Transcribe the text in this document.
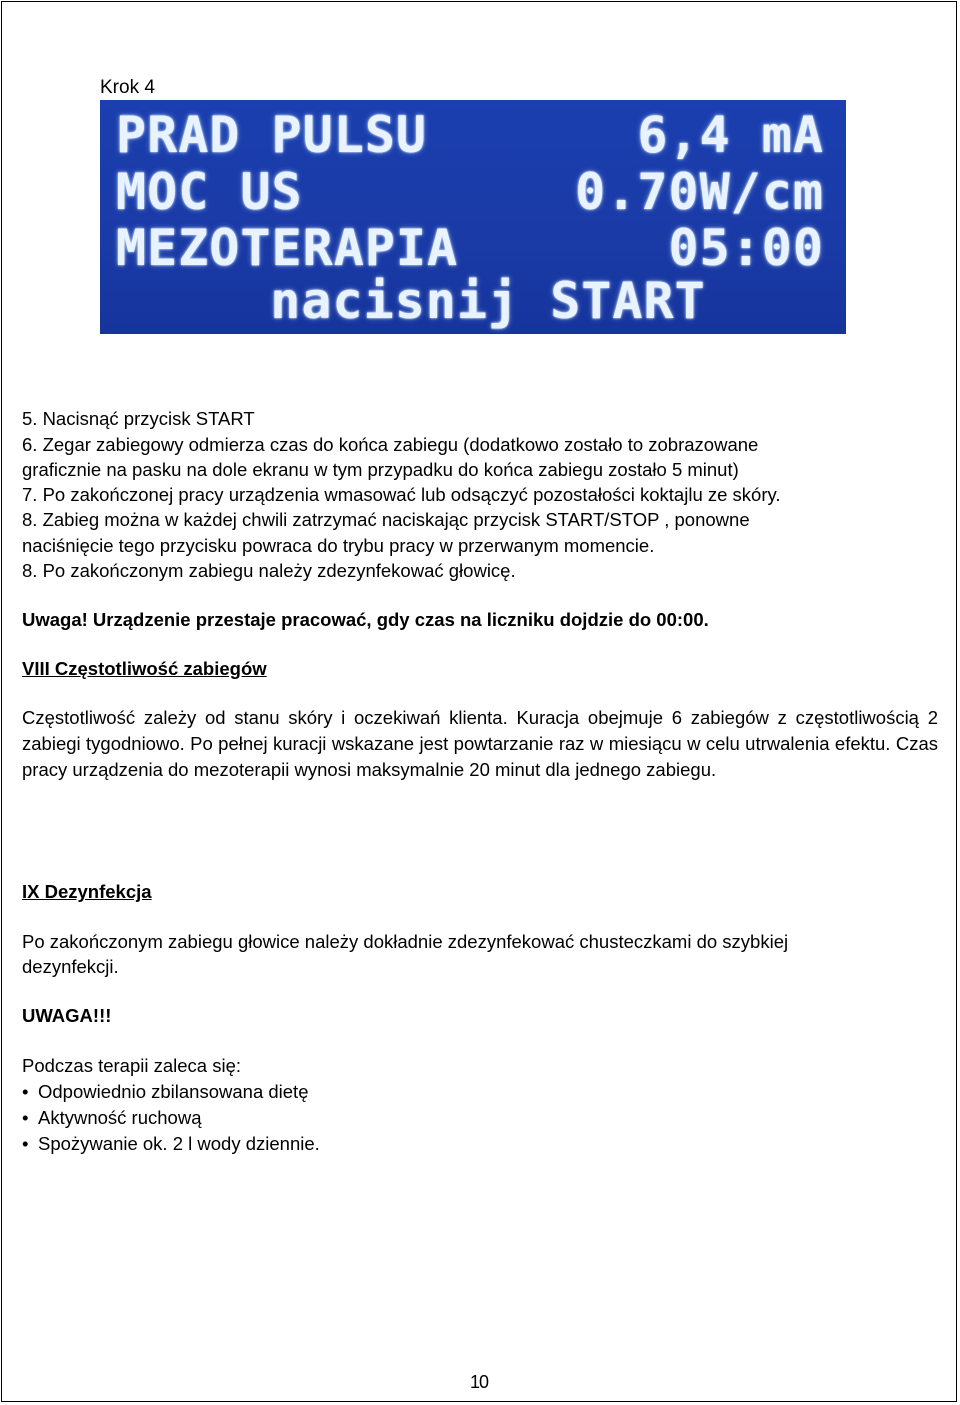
Krok 4
PRAD PULSU	6,4 mA
MOC US	0.70W/cm
MEZOTERAPIA	05:00
nacisnij START
5. Nacisnąć przycisk START
6. Zegar zabiegowy odmierza czas do końca zabiegu (dodatkowo zostało to zobrazowane
graficznie na pasku na dole ekranu w tym przypadku do końca zabiegu zostało 5 minut)
7. Po zakończonej pracy urządzenia wmasować lub odsączyć pozostałości koktajlu ze skóry.
8. Zabieg można w każdej chwili zatrzymać naciskając przycisk START/STOP , ponowne
naciśnięcie tego przycisku powraca do trybu pracy w przerwanym momencie.
8. Po zakończonym zabiegu należy zdezynfekować głowicę.
Uwaga! Urządzenie przestaje pracować, gdy czas na liczniku dojdzie do 00:00.
VIII Częstotliwość zabiegów

Częstotliwość zależy od stanu skóry i oczekiwań klienta. Kuracja obejmuje 6 zabiegów z częstotliwością 2 zabiegi tygodniowo. Po pełnej kuracji wskazane jest powtarzanie raz w miesiącu w celu utrwalenia efektu. Czas pracy urządzenia do mezoterapii wynosi maksymalnie 20 minut dla jednego zabiegu.

IX Dezynfekcja
Po zakończonym zabiegu głowice należy dokładnie zdezynfekować chusteczkami do szybkiej
dezynfekcji.
UWAGA!!!
Podczas terapii zaleca się:
• Odpowiednio zbilansowana dietę
• Aktywność ruchową
• Spożywanie ok. 2 l wody dziennie.
10
